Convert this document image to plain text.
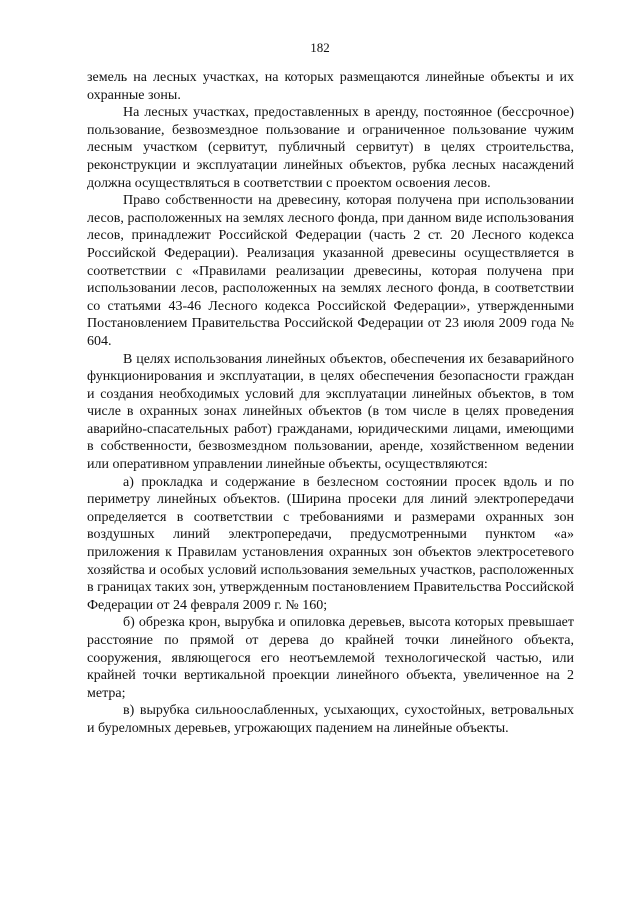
182

земель на лесных участках, на которых размещаются линейные объекты и их охранные зоны.

На лесных участках, предоставленных в аренду, постоянное (бессрочное) пользование, безвозмездное пользование и ограниченное пользование чужим лесным участком (сервитут, публичный сервитут) в целях строительства, реконструкции и эксплуатации линейных объектов, рубка лесных насаждений должна осуществляться в соответствии с проектом освоения лесов.

Право собственности на древесину, которая получена при использовании лесов, расположенных на землях лесного фонда, при данном виде использования лесов, принадлежит Российской Федерации (часть 2 ст. 20 Лесного кодекса Российской Федерации). Реализация указанной древесины осуществляется в соответствии с «Правилами реализации древесины, которая получена при использовании лесов, расположенных на землях лесного фонда, в соответствии со статьями 43-46 Лесного кодекса Российской Федерации», утвержденными Постановлением Правительства Российской Федерации от 23 июля 2009 года № 604.

В целях использования линейных объектов, обеспечения их безаварийного функционирования и эксплуатации, в целях обеспечения безопасности граждан и создания необходимых условий для эксплуатации линейных объектов, в том числе в охранных зонах линейных объектов (в том числе в целях проведения аварийно-спасательных работ) гражданами, юридическими лицами, имеющими в собственности, безвозмездном пользовании, аренде, хозяйственном ведении или оперативном управлении линейные объекты, осуществляются:

а) прокладка и содержание в безлесном состоянии просек вдоль и по периметру линейных объектов. (Ширина просеки для линий электропередачи определяется в соответствии с требованиями и размерами охранных зон воздушных линий электропередачи, предусмотренными пунктом «а» приложения к Правилам установления охранных зон объектов электросетевого хозяйства и особых условий использования земельных участков, расположенных в границах таких зон, утвержденным постановлением Правительства Российской Федерации от 24 февраля 2009 г. № 160;

б) обрезка крон, вырубка и опиловка деревьев, высота которых превышает расстояние по прямой от дерева до крайней точки линейного объекта, сооружения, являющегося его неотъемлемой технологической частью, или крайней точки вертикальной проекции линейного объекта, увеличенное на 2 метра;

в) вырубка сильноослабленных, усыхающих, сухостойных, ветровальных и буреломных деревьев, угрожающих падением на линейные объекты.
